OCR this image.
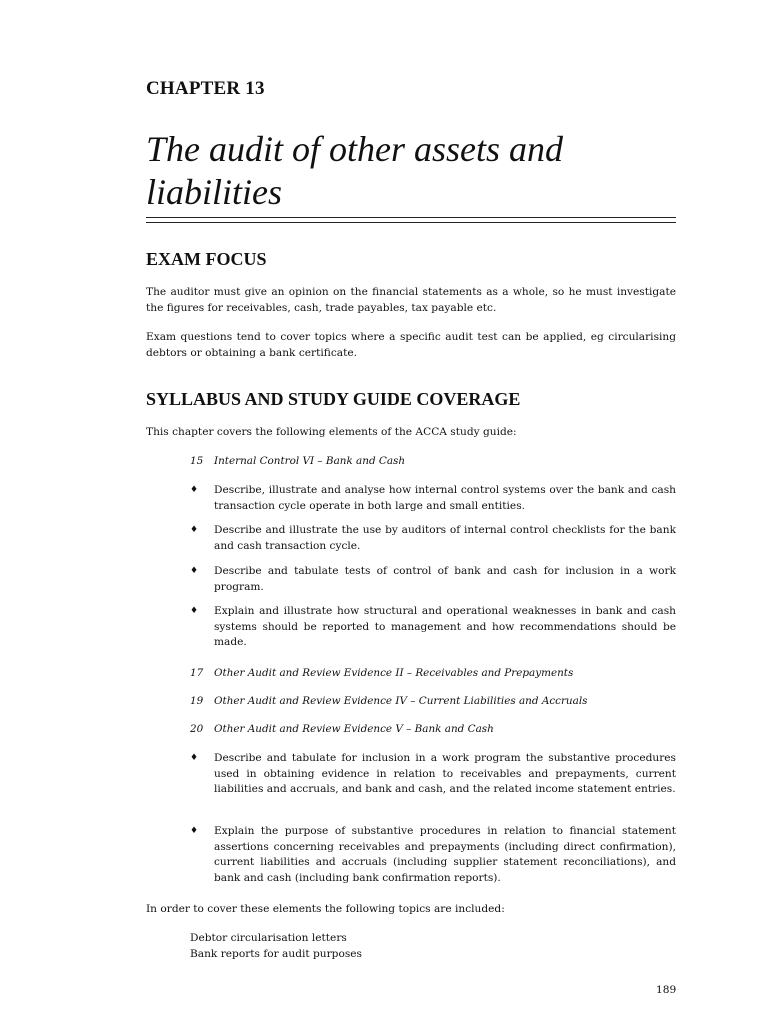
CHAPTER 13
The audit of other assets and
liabilities
EXAM FOCUS

The auditor must give an opinion on the financial statements as a whole, so he must investigate the figures for receivables, cash, trade payables, tax payable etc.

Exam questions tend to cover topics where a specific audit test can be applied, eg circularising debtors or obtaining a bank certificate.

SYLLABUS AND STUDY GUIDE COVERAGE

This chapter covers the following elements of the ACCA study guide:

15 Internal Control VI – Bank and Cash
♦ Describe, illustrate and analyse how internal control systems over the bank and cash transaction cycle operate in both large and small entities.
♦ Describe and illustrate the use by auditors of internal control checklists for the bank and cash transaction cycle.
♦ Describe and tabulate tests of control of bank and cash for inclusion in a work program.
♦ Explain and illustrate how structural and operational weaknesses in bank and cash systems should be reported to management and how recommendations should be made.
17 Other Audit and Review Evidence II – Receivables and Prepayments
19 Other Audit and Review Evidence IV – Current Liabilities and Accruals
20 Other Audit and Review Evidence V – Bank and Cash
♦ Describe and tabulate for inclusion in a work program the substantive procedures used in obtaining evidence in relation to receivables and prepayments, current liabilities and accruals, and bank and cash, and the related income statement entries.
♦ Explain the purpose of substantive procedures in relation to financial statement assertions concerning receivables and prepayments (including direct confirmation), current liabilities and accruals (including supplier statement reconciliations), and bank and cash (including bank confirmation reports).

In order to cover these elements the following topics are included:

Debtor circularisation letters
Bank reports for audit purposes
189
